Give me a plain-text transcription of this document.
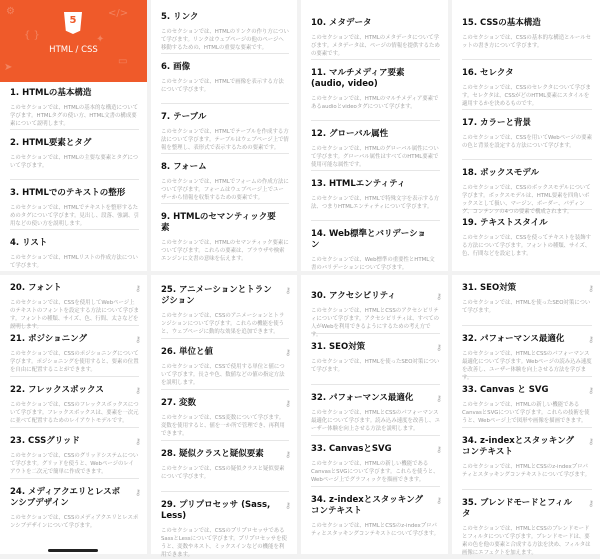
⚙
{ }
</>
▭
➤
✦
5
HTML / CSS
1. HTMLの基本構造
このセクションでは、HTMLの基本的な構造について学びます。HTMLタグの使い方、HTML文書の構成要素について説明します。
2. HTML要素とタグ
このセクションでは、HTMLの主要な要素とタグについて学びます。
3. HTMLでのテキストの整形
このセクションでは、HTMLでテキストを整形するためのタグについて学びます。見出し、段落、強調、引用などの使い方を説明します。
4. リスト
このセクションでは、HTMLリストの作成方法について学びます。
5. リンク
このセクションでは、HTMLのリンクの作り方について学びます。リンクはウェブページの他のページへ移動するための、HTMLの重要な要素です。
6. 画像
このセクションでは、HTMLで画像を表示する方法について学びます。
7. テーブル
このセクションでは、HTMLでテーブルを作成する方法について学びます。テーブルはウェブページ上で情報を整理し、表形式で表示するための要素です。
8. フォーム
このセクションでは、HTMLでフォームの作成方法について学びます。フォームはウェブページ上でユーザーから情報を収集するための要素です。
9. HTMLのセマンティック要素
このセクションでは、HTMLのセマンティック要素について学びます。これらの要素は、ブラウザや検索エンジンに文書の意味を伝えます。
10. メタデータ
このセクションでは、HTMLのメタデータについて学びます。メタデータは、ページの情報を提供するための要素です。
11. マルチメディア要素 (audio, video)
このセクションでは、HTMLのマルチメディア要素であるaudioとvideoタグについて学びます。
12. グローバル属性
このセクションでは、HTMLのグローバル属性について学びます。グローバル属性はすべてのHTML要素で使用可能な属性です。
13. HTMLエンティティ
このセクションでは、HTMLで特殊文字を表示する方法、つまりHTMLエンティティについて学びます。
14. Web標準とバリデーション
このセクションでは、Web標準の重要性とHTML文書のバリデーションについて学びます。
15. CSSの基本構造
このセクションでは、CSSの基本的な構造とルールセットの書き方について学びます。
16. セレクタ
このセクションでは、CSSのセレクタについて学びます。セレクタは、CSSがどのHTML要素にスタイルを適用するかを決めるものです。
17. カラーと背景
このセクションでは、CSSを用いてWebページの要素の色と背景を設定する方法について学びます。
18. ボックスモデル
このセクションでは、CSSのボックスモデルについて学びます。ボックスモデルは、HTML要素を四角いボックスとして扱い、マージン、ボーダー、パディング、コンテンツの4つの要素で構成されます。
19. テキストスタイル
このセクションでは、CSSを使ってテキストを装飾する方法について学びます。フォントの種類、サイズ、色、行間などを設定します。
⚷
20. フォント
このセクションでは、CSSを使用してWebページ上のテキストのフォントを設定する方法について学びます。フォントの種類、サイズ、色、行間、太さなどを説明します。
⚷
21. ポジショニング
このセクションでは、CSSのポジショニングについて学びます。ポジショニングを使用すると、要素の位置を自由に配置することができます。
⚷
22. フレックスボックス
このセクションでは、CSSのフレックスボックスについて学びます。フレックスボックスは、要素を一次元に並べて配置するためのレイアウトモデルです。
⚷
23. CSSグリッド
このセクションでは、CSSのグリッドシステムについて学びます。グリッドを使うと、Webページのレイアウトを二次元で簡単に作成できます。
⚷
24. メディアクエリとレスポンシブデザイン
このセクションでは、CSSのメディアクエリとレスポンシブデザインについて学びます。
⚷
25. アニメーションとトランジション
このセクションでは、CSSのアニメーションとトランジションについて学びます。これらの機能を使うと、ウェブページに動的な効果を追加できます。
⚷
26. 単位と値
このセクションでは、CSSで使用する単位と値について学びます。長さや色、数値などの値の指定方法を説明します。
⚷
27. 変数
このセクションでは、CSS変数について学びます。変数を使用すると、値を一か所で管理でき、再利用できます。
⚷
28. 疑似クラスと疑似要素
このセクションでは、CSSの疑似クラスと疑似要素について学びます。
⚷
29. プリプロセッサ (Sass, Less)
このセクションでは、CSSのプリプロセッサであるSassとLessについて学びます。プリプロセッサを使うと、変数やネスト、ミックスインなどの機能を利用できます。
⚷
30. アクセシビリティ
このセクションでは、HTMLとCSSのアクセシビリティについて学びます。アクセシビリティは、すべての人がWebを利用できるようにするための考え方です。
⚷
31. SEO対策
このセクションでは、HTMLを使ったSEO対策について学びます。
⚷
32. パフォーマンス最適化
このセクションでは、HTMLとCSSのパフォーマンス最適化について学びます。読み込み速度を改善し、ユーザー体験を向上させる方法を説明します。
⚷
33. CanvasとSVG
このセクションでは、HTMLの新しい機能であるCanvasとSVGについて学びます。これらを使うと、Webページ上でグラフィックを描画できます。
⚷
34. z-indexとスタッキングコンテキスト
このセクションでは、HTMLとCSSのz-indexプロパティとスタッキングコンテキストについて学びます。
⚷
31. SEO対策
このセクションでは、HTMLを使ったSEO対策について学びます。
⚷
32. パフォーマンス最適化
このセクションでは、HTMLとCSSのパフォーマンス最適化について学びます。Webページの読み込み速度を改善し、ユーザー体験を向上させる方法を学びます。
⚷
33. Canvas と SVG
このセクションでは、HTMLの新しい機能であるCanvasとSVGについて学びます。これらの技術を使うと、Webページ上で図形や画像を描画できます。
⚷
34. z-indexとスタッキングコンテキスト
このセクションでは、HTMLとCSSのz-indexプロパティとスタッキングコンテキストについて学びます。
⚷
35. ブレンドモードとフィルタ
このセクションでは、HTMLとCSSのブレンドモードとフィルタについて学びます。ブレンドモードは、要素の色を他の要素と合成する方法を決め、フィルタは画像にエフェクトを加えます。
